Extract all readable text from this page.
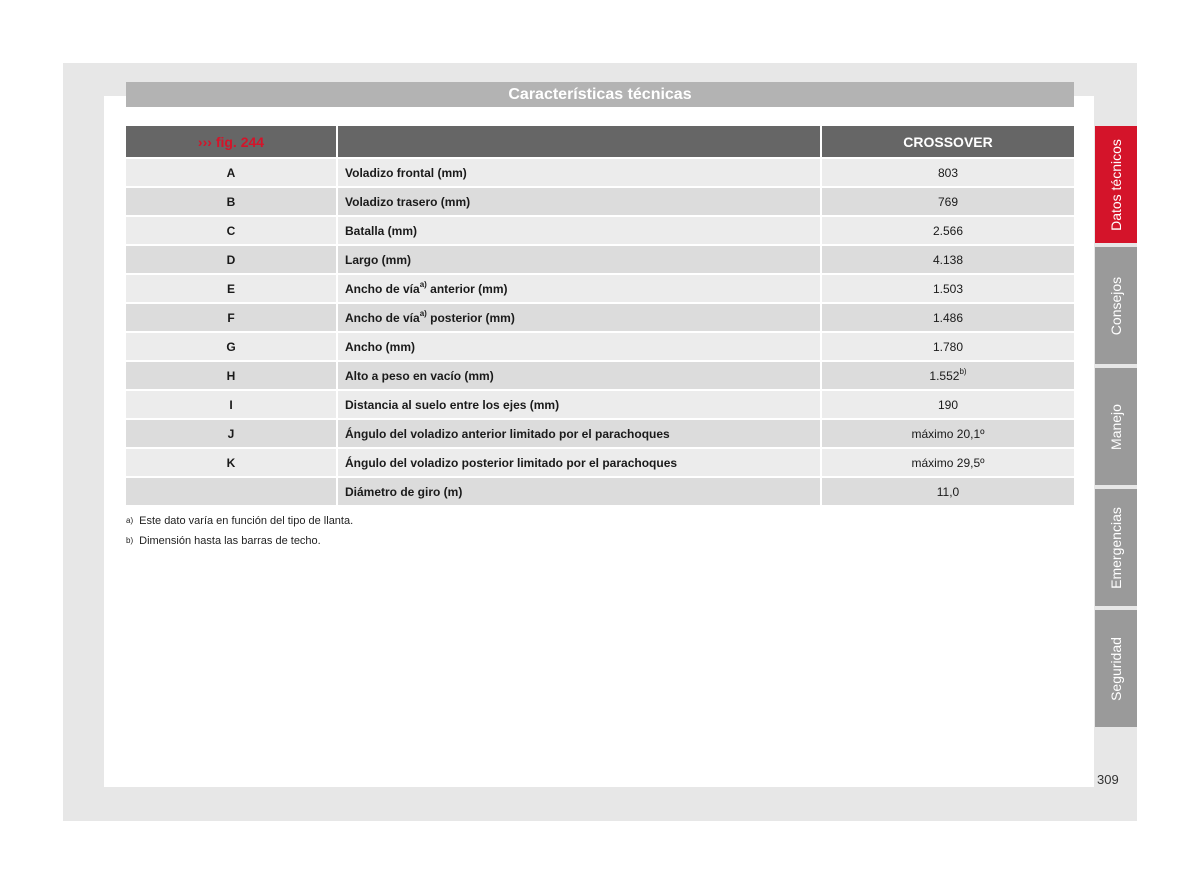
Características técnicas
››› fig. 244		CROSSOVER
A	Voladizo frontal (mm)	803
B	Voladizo trasero (mm)	769
C	Batalla (mm)	2.566
D	Largo (mm)	4.138
E	Ancho de vía$^{a)}$ anterior (mm)	1.503
F	Ancho de vía$^{a)}$ posterior (mm)	1.486
G	Ancho (mm)	1.780
H	Alto a peso en vacío (mm)	1.552$^{b)}$
I	Distancia al suelo entre los ejes (mm)	190
J	Ángulo del voladizo anterior limitado por el parachoques	máximo 20,1º
K	Ángulo del voladizo posterior limitado por el parachoques	máximo 29,5º
	Diámetro de giro (m)	11,0
$^{a)}$ Este dato varía en función del tipo de llanta.
$^{b)}$ Dimensión hasta las barras de techo.
Datos técnicos
Consejos
Manejo
Emergencias
Seguridad
309
